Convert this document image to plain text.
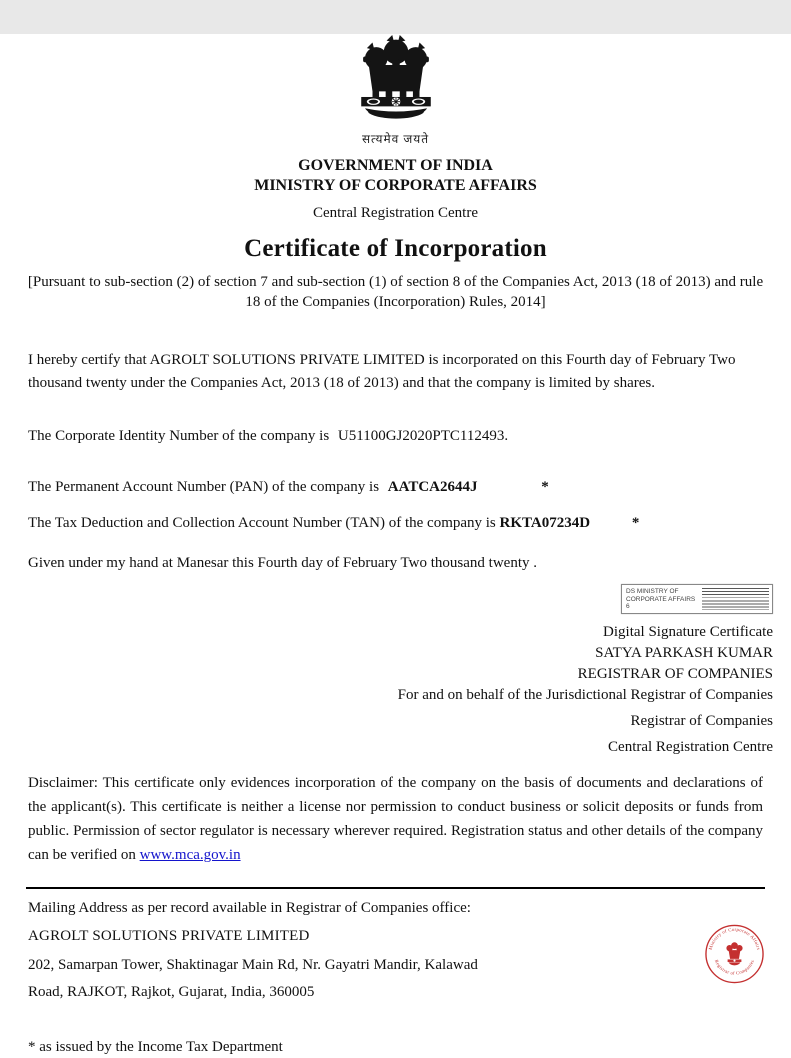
सत्यमेव जयते
GOVERNMENT OF INDIA
MINISTRY OF CORPORATE AFFAIRS
Central Registration Centre
Certificate of Incorporation
[Pursuant to sub-section (2) of section 7 and sub-section (1) of section 8 of the Companies Act, 2013 (18 of 2013) and rule 18 of the Companies (Incorporation) Rules, 2014]
I hereby certify that AGROLT SOLUTIONS PRIVATE LIMITED is incorporated on this Fourth day of February Two thousand twenty under the Companies Act, 2013 (18 of 2013) and that the company is limited by shares.
The Corporate Identity Number of the company is U51100GJ2020PTC112493.
The Permanent Account Number (PAN) of the company is AATCA2644J	*
The Tax Deduction and Collection Account Number (TAN) of the company is RKTA07234D	*
Given under my hand at Manesar this Fourth day of February Two thousand twenty .
DS MINISTRY OF CORPORATE AFFAIRS 6
Digital Signature Certificate
SATYA PARKASH KUMAR
REGISTRAR OF COMPANIES
For and on behalf of the Jurisdictional Registrar of Companies
Registrar of Companies
Central Registration Centre
Disclaimer: This certificate only evidences incorporation of the company on the basis of documents and declarations of the applicant(s). This certificate is neither a license nor permission to conduct business or solicit deposits or funds from public. Permission of sector regulator is necessary wherever required. Registration status and other details of the company can be verified on www.mca.gov.in
Mailing Address as per record available in Registrar of Companies office:
AGROLT SOLUTIONS PRIVATE LIMITED
202, Samarpan Tower, Shaktinagar Main Rd, Nr. Gayatri Mandir, Kalawad
Road, RAJKOT, Rajkot, Gujarat, India, 360005
Ministry of Corporate Affairs
Registrar of Companies
* as issued by the Income Tax Department
